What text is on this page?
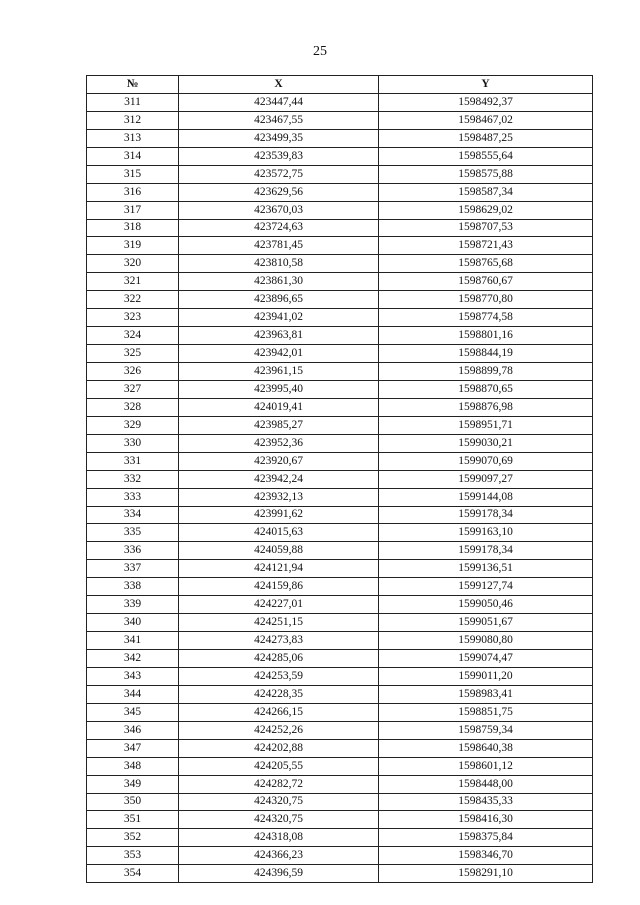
25
№	X	Y
311	423447,44	1598492,37
312	423467,55	1598467,02
313	423499,35	1598487,25
314	423539,83	1598555,64
315	423572,75	1598575,88
316	423629,56	1598587,34
317	423670,03	1598629,02
318	423724,63	1598707,53
319	423781,45	1598721,43
320	423810,58	1598765,68
321	423861,30	1598760,67
322	423896,65	1598770,80
323	423941,02	1598774,58
324	423963,81	1598801,16
325	423942,01	1598844,19
326	423961,15	1598899,78
327	423995,40	1598870,65
328	424019,41	1598876,98
329	423985,27	1598951,71
330	423952,36	1599030,21
331	423920,67	1599070,69
332	423942,24	1599097,27
333	423932,13	1599144,08
334	423991,62	1599178,34
335	424015,63	1599163,10
336	424059,88	1599178,34
337	424121,94	1599136,51
338	424159,86	1599127,74
339	424227,01	1599050,46
340	424251,15	1599051,67
341	424273,83	1599080,80
342	424285,06	1599074,47
343	424253,59	1599011,20
344	424228,35	1598983,41
345	424266,15	1598851,75
346	424252,26	1598759,34
347	424202,88	1598640,38
348	424205,55	1598601,12
349	424282,72	1598448,00
350	424320,75	1598435,33
351	424320,75	1598416,30
352	424318,08	1598375,84
353	424366,23	1598346,70
354	424396,59	1598291,10
